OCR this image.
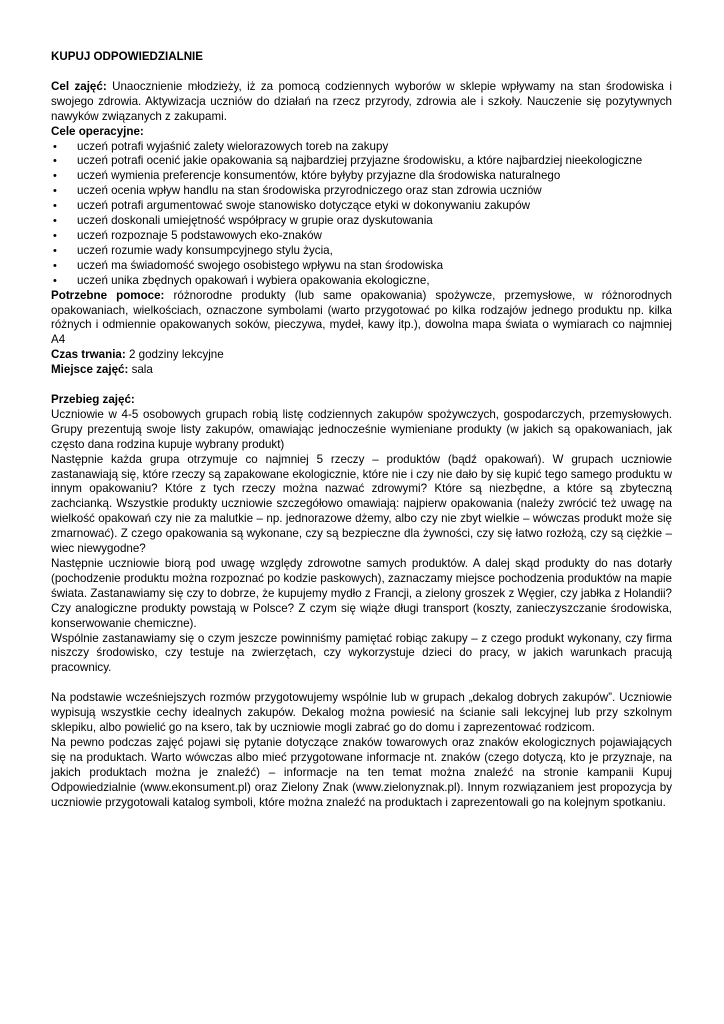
KUPUJ ODPOWIEDZIALNIE

Cel zajęć: Unaocznienie młodzieży, iż za pomocą codziennych wyborów w sklepie wpływamy na stan środowiska i swojego zdrowia. Aktywizacja uczniów do działań na rzecz przyrody, zdrowia ale i szkoły. Nauczenie się pozytywnych nawyków związanych z zakupami.

Cele operacyjne:

• uczeń potrafi wyjaśnić zalety wielorazowych toreb na zakupy
• uczeń potrafi ocenić jakie opakowania są najbardziej przyjazne środowisku, a które najbardziej nieekologiczne
• uczeń wymienia preferencje konsumentów, które byłyby przyjazne dla środowiska naturalnego
• uczeń ocenia wpływ handlu na stan środowiska przyrodniczego oraz stan zdrowia uczniów
• uczeń potrafi argumentować swoje stanowisko dotyczące etyki w dokonywaniu zakupów
• uczeń doskonali umiejętność współpracy w grupie oraz dyskutowania
• uczeń rozpoznaje 5 podstawowych eko-znaków
• uczeń rozumie wady konsumpcyjnego stylu życia,
• uczeń ma świadomość swojego osobistego wpływu na stan środowiska
• uczeń unika zbędnych opakowań i wybiera opakowania ekologiczne,

Potrzebne pomoce: różnorodne produkty (lub same opakowania) spożywcze, przemysłowe, w różnorodnych opakowaniach, wielkościach, oznaczone symbolami (warto przygotować po kilka rodzajów jednego produktu np. kilka różnych i odmiennie opakowanych soków, pieczywa, mydeł, kawy itp.), dowolna mapa świata o wymiarach co najmniej A4

Czas trwania: 2 godziny lekcyjne

Miejsce zajęć: sala

Przebieg zajęć:

Uczniowie w 4-5 osobowych grupach robią listę codziennych zakupów spożywczych, gospodarczych, przemysłowych. Grupy prezentują swoje listy zakupów, omawiając jednocześnie wymieniane produkty (w jakich są opakowaniach, jak często dana rodzina kupuje wybrany produkt)

Następnie każda grupa otrzymuje co najmniej 5 rzeczy – produktów (bądź opakowań). W grupach uczniowie zastanawiają się, które rzeczy są zapakowane ekologicznie, które nie i czy nie dało by się kupić tego samego produktu w innym opakowaniu? Które z tych rzeczy można nazwać zdrowymi? Które są niezbędne, a które są zbyteczną zachcianką. Wszystkie produkty uczniowie szczegółowo omawiają: najpierw opakowania (należy zwrócić też uwagę na wielkość opakowań czy nie za malutkie – np. jednorazowe dżemy, albo czy nie zbyt wielkie – wówczas produkt może się zmarnować). Z czego opakowania są wykonane, czy są bezpieczne dla żywności, czy się łatwo rozłożą, czy są ciężkie – wiec niewygodne?

Następnie uczniowie biorą pod uwagę względy zdrowotne samych produktów. A dalej skąd produkty do nas dotarły (pochodzenie produktu można rozpoznać po kodzie paskowych), zaznaczamy miejsce pochodzenia produktów na mapie świata. Zastanawiamy się czy to dobrze, że kupujemy mydło z Francji, a zielony groszek z Węgier, czy jabłka z Holandii? Czy analogiczne produkty powstają w Polsce? Z czym się wiąże długi transport (koszty, zanieczyszczanie środowiska, konserwowanie chemiczne).

Wspólnie zastanawiamy się o czym jeszcze powinniśmy pamiętać robiąc zakupy – z czego produkt wykonany, czy firma niszczy środowisko, czy testuje na zwierzętach, czy wykorzystuje dzieci do pracy, w jakich warunkach pracują pracownicy.

Na podstawie wcześniejszych rozmów przygotowujemy wspólnie lub w grupach „dekalog dobrych zakupów”. Uczniowie wypisują wszystkie cechy idealnych zakupów. Dekalog można powiesić na ścianie sali lekcyjnej lub przy szkolnym sklepiku, albo powielić go na ksero, tak by uczniowie mogli zabrać go do domu i zaprezentować rodzicom.

Na pewno podczas zajęć pojawi się pytanie dotyczące znaków towarowych oraz znaków ekologicznych pojawiających się na produktach. Warto wówczas albo mieć przygotowane informacje nt. znaków (czego dotyczą, kto je przyznaje, na jakich produktach można je znaleźć) – informacje na ten temat można znaleźć na stronie kampanii Kupuj Odpowiedzialnie (www.ekonsument.pl) oraz Zielony Znak (www.zielonyznak.pl). Innym rozwiązaniem jest propozycja by uczniowie przygotowali katalog symboli, które można znaleźć na produktach i zaprezentowali go na kolejnym spotkaniu.
